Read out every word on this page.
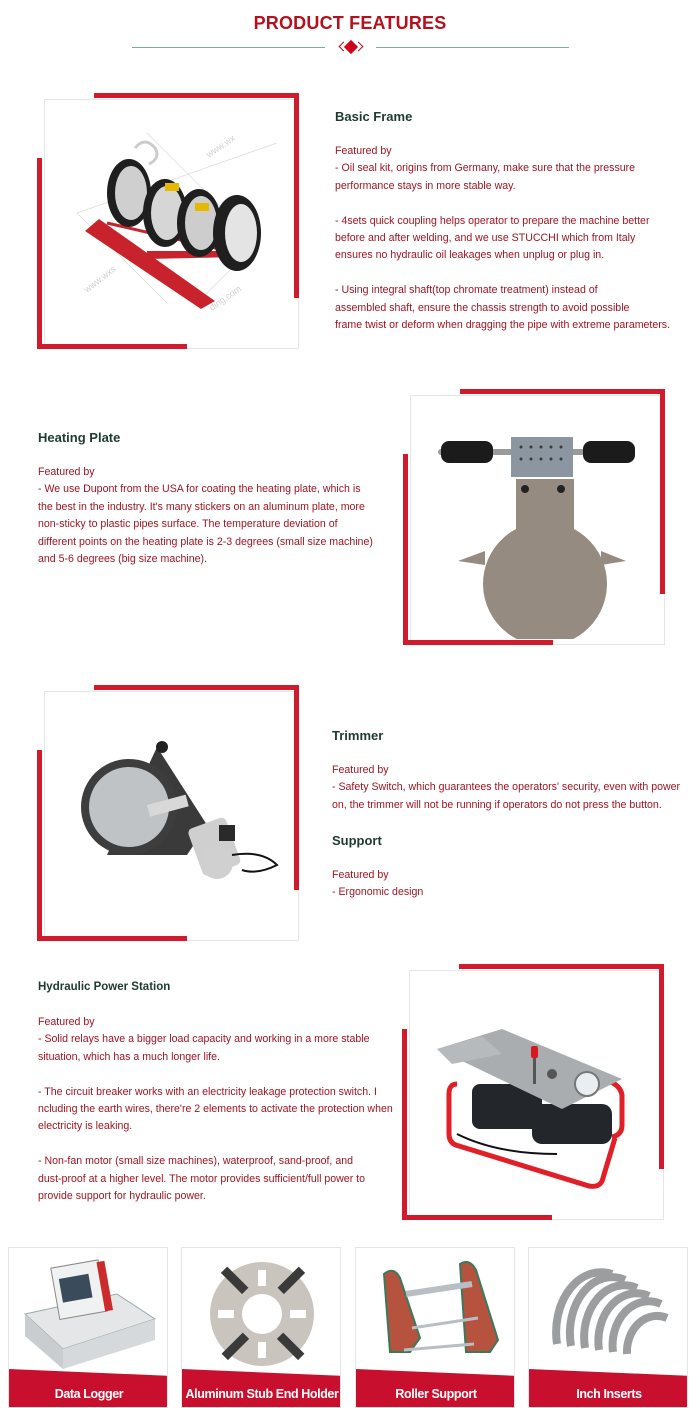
PRODUCT FEATURES
www.wx
www.wxs
ding.com
Basic Frame

Featured by

- Oil seal kit, origins from Germany, make sure that the pressure

performance stays in more stable way.

- 4sets quick coupling helps operator to prepare the machine better

before and after welding, and we use STUCCHI which from Italy

ensures no hydraulic oil leakages when unplug or plug in.

- Using integral shaft(top chromate treatment) instead of

assembled shaft, ensure the chassis strength to avoid possible

frame twist or deform when dragging the pipe with extreme parameters.

Heating Plate

Featured by

- We use Dupont from the USA for coating the heating plate, which is

the best in the industry. It's many stickers on an aluminum plate, more

non-sticky to plastic pipes surface. The temperature deviation of

different points on the heating plate is 2-3 degrees (small size machine)

and 5-6 degrees (big size machine).

Trimmer

Featured by

- Safety Switch, which guarantees the operators' security, even with power

on, the trimmer will not be running if operators do not press the button.

Support

Featured by

- Ergonomic design

Hydraulic Power Station

Featured by

- Solid relays have a bigger load capacity and working in a more stable

situation, which has a much longer life.

- The circuit breaker works with an electricity leakage protection switch. I

ncluding the earth wires, there're 2 elements to activate the protection when

electricity is leaking.

- Non-fan motor (small size machines), waterproof, sand-proof, and

dust-proof at a higher level. The motor provides sufficient/full power to

provide support for hydraulic power.

Data Logger	Aluminum Stub End Holder	Roller Support	Inch Inserts
